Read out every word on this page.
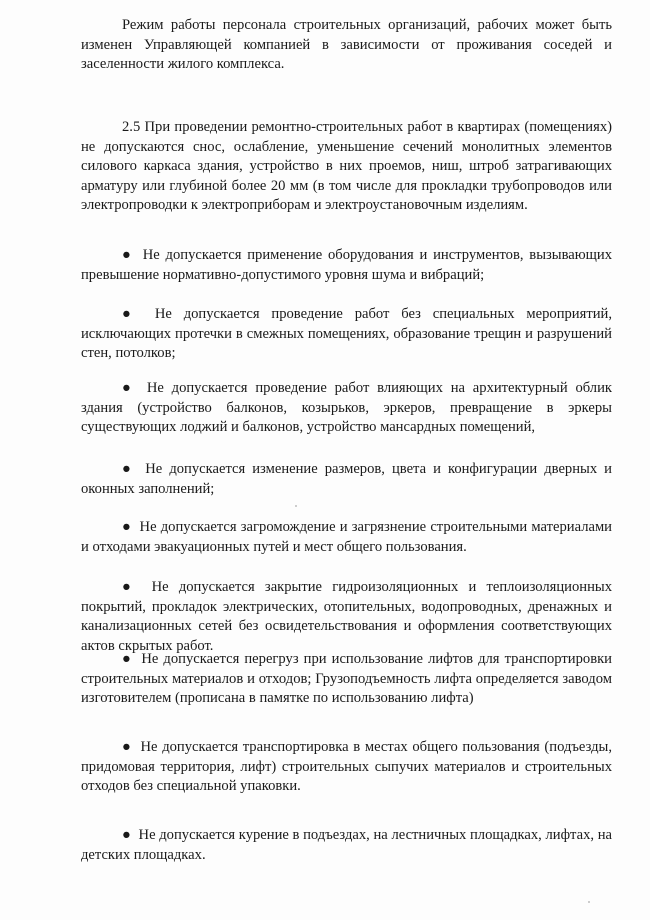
Режим работы персонала строительных организаций, рабочих может быть изменен Управляющей компанией в зависимости от проживания соседей и заселенности жилого комплекса.

2.5 При проведении ремонтно-строительных работ в квартирах (помещениях) не допускаются снос, ослабление, уменьшение сечений монолитных элементов силового каркаса здания, устройство в них проемов, ниш, штроб затрагивающих арматуру или глубиной более 20 мм (в том числе для прокладки трубопроводов или электропроводки к электроприборам и электроустановочным изделиям.

● Не допускается применение оборудования и инструментов, вызывающих превышение нормативно-допустимого уровня шума и вибраций;

● Не допускается проведение работ без специальных мероприятий, исключающих протечки в смежных помещениях, образование трещин и разрушений стен, потолков;

● Не допускается проведение работ влияющих на архитектурный облик здания (устройство балконов, козырьков, эркеров, превращение в эркеры существующих лоджий и балконов, устройство мансардных помещений,

● Не допускается изменение размеров, цвета и конфигурации дверных и оконных заполнений;

● Не допускается загромождение и загрязнение строительными материалами и отходами эвакуационных путей и мест общего пользования.

● Не допускается закрытие гидроизоляционных и теплоизоляционных покрытий, прокладок электрических, отопительных, водопроводных, дренажных и канализационных сетей без освидетельствования и оформления соответствующих актов скрытых работ.

● Не допускается перегруз при использование лифтов для транспортировки строительных материалов и отходов; Грузоподъемность лифта определяется заводом изготовителем (прописана в памятке по использованию лифта)

● Не допускается транспортировка в местах общего пользования (подъезды, придомовая территория, лифт) строительных сыпучих материалов и строительных отходов без специальной упаковки.

● Не допускается курение в подъездах, на лестничных площадках, лифтах, на детских площадках.
